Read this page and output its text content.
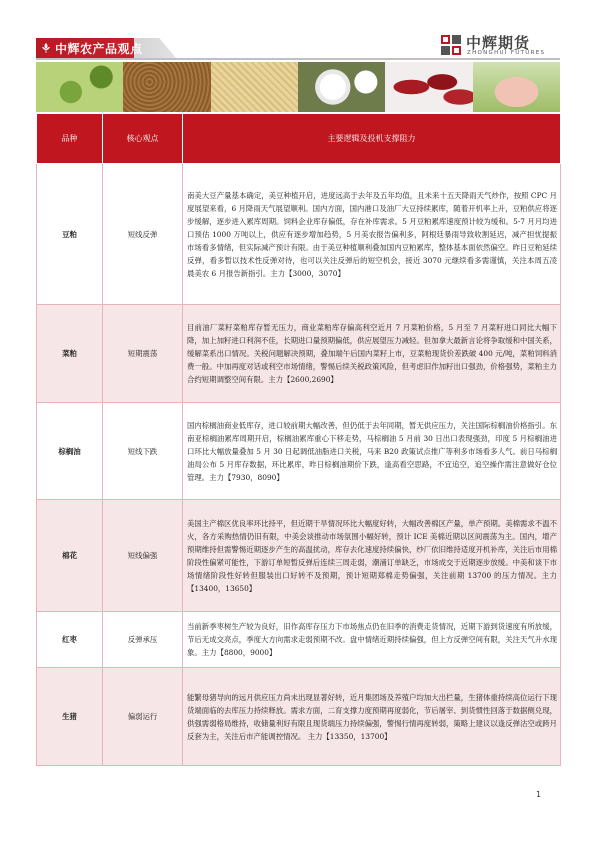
中辉农产品观点	中辉期货
ZHONGHUI FUTURES
品种	核心观点	主要逻辑及投机支撑阻力
豆粕	短线反弹	南美大豆产量基本确定，美豆种植开启，进度远高于去年及五年均值，且未来十五天降雨天气炒作，按照 CPC 月度展望来看，6 月降雨天气展望顺利。国内方面，国内港口及油厂大豆持续累库，随着开机率上升，豆粕供应将逐步缓解，逐步进入累库周期。饲料企业库存偏低，存在补库需求。5 月豆粕累库速度预计较为缓和。5-7 月月均进口预估 1000 万吨以上，供应有逐步增加趋势，5 月美农报告偏利多，阿根廷暴雨导致收割延迟，减产担忧提振市场看多情绪，但实际减产预计有限。由于美豆种植顺利叠加国内豆粕累库，整体基本面依然偏空。昨日豆粕延续反弹，看多暂以技术性反弹对待，也可以关注反弹后的短空机会，接近 3070 元继续看多需谨慎，关注本周五凌晨美农 6 月报告新指引。主力【3000，3070】
菜粕	短期震荡	目前油厂菜籽菜粕库存暂无压力，商业菜粕库存偏高利空近月 7 月菜粕价格，5 月至 7 月菜籽进口同比大幅下降，加上加籽进口利润不佳，长期进口量预期偏低，供应展望压力减轻。但加拿大最新言论将争取缓和中国关系，缓解菜系出口情况。关税问题解决预期，叠加端午后国内菜籽上市，豆菜粕现货价差跌破 400 元/吨，菜粕饲料消费一般。中加再度对话或利空市场情绪，警惕后续关税政策风险，但考虑旧作加籽出口强劲，价格强势，菜粕主力合约短期调整空间有限。主力【2600,2690】
棕榈油	短线下跌	国内棕榈油商业低库存，进口较前期大幅改善，但仍低于去年同期，暂无供应压力，关注国际棕榈油价格指引。东南亚棕榈油累库周期开启，棕榈油累库重心下移走势，马棕榈油 5 月前 30 日出口表现强劲，印度 5 月棕榈油进口环比大幅放量叠加 5 月 30 日起调低油脂进口关税，马来 B20 政策试点推广等利多市场看多人气。前日马棕榈油局公布 5 月库存数据，环比累库，昨日棕榈油期价下跌，逢高看空思路，不宜追空，追空操作需注意做好仓位管理。主力【7930，8090】
棉花	短线偏强	美国主产棉区优良率环比持平，但近期干旱情况环比大幅度好转，大幅改善棉区产量，单产预期。美棉需求不温不火，各方采购热情仍旧有限，中美会谈推动市场氛围小幅好转，预计 ICE 美棉近期以区间震荡为主。国内，增产预期维持但需警惕近期逐步产生的高温扰动，库存去化速度持续偏快，纱厂依旧维持适度开机补库，关注后市用棉阶段性偏紧可能性，下游订单短暂反弹后连续三周走弱，潮涌订单缺乏，市场成交于近期逐步放缓。中美和谈下市场情绪阶段性好转但服装出口好转不及预期，预计短期郑棉走势偏强，关注前期 13700 的压力情况。主力【13400，13650】
红枣	反弹承压	当前新季枣树生产较为良好，旧作高库存压力下市场焦点仍在旧季的消费走货情况，近期下游到货速度有所放缓，节后无成交亮点，季度大方向需求走弱预期不改。盘中情绪近期持续偏强，但上方反弹空间有限，关注天气升水现象。主力【8800，9000】
生猪	偏弱运行	能繁母猪导向的远月供应压力尚未出现显著好转，近月集团场及养殖户均加大出栏量，生猪体重持续高位运行下现货端面临的去库压力持续释放。需求方面，二育支撑力度预期再度弱化，节后屠宰、到货惯性回落于数据侧兑现，供强需弱格局维持，收储量利好有限且现货端压力持续偏强，警惕行情再度转弱，策略上建议以逢反弹沽空或跨月反套为主，关注后市产能调控情况。 主力【13350，13700】
1
